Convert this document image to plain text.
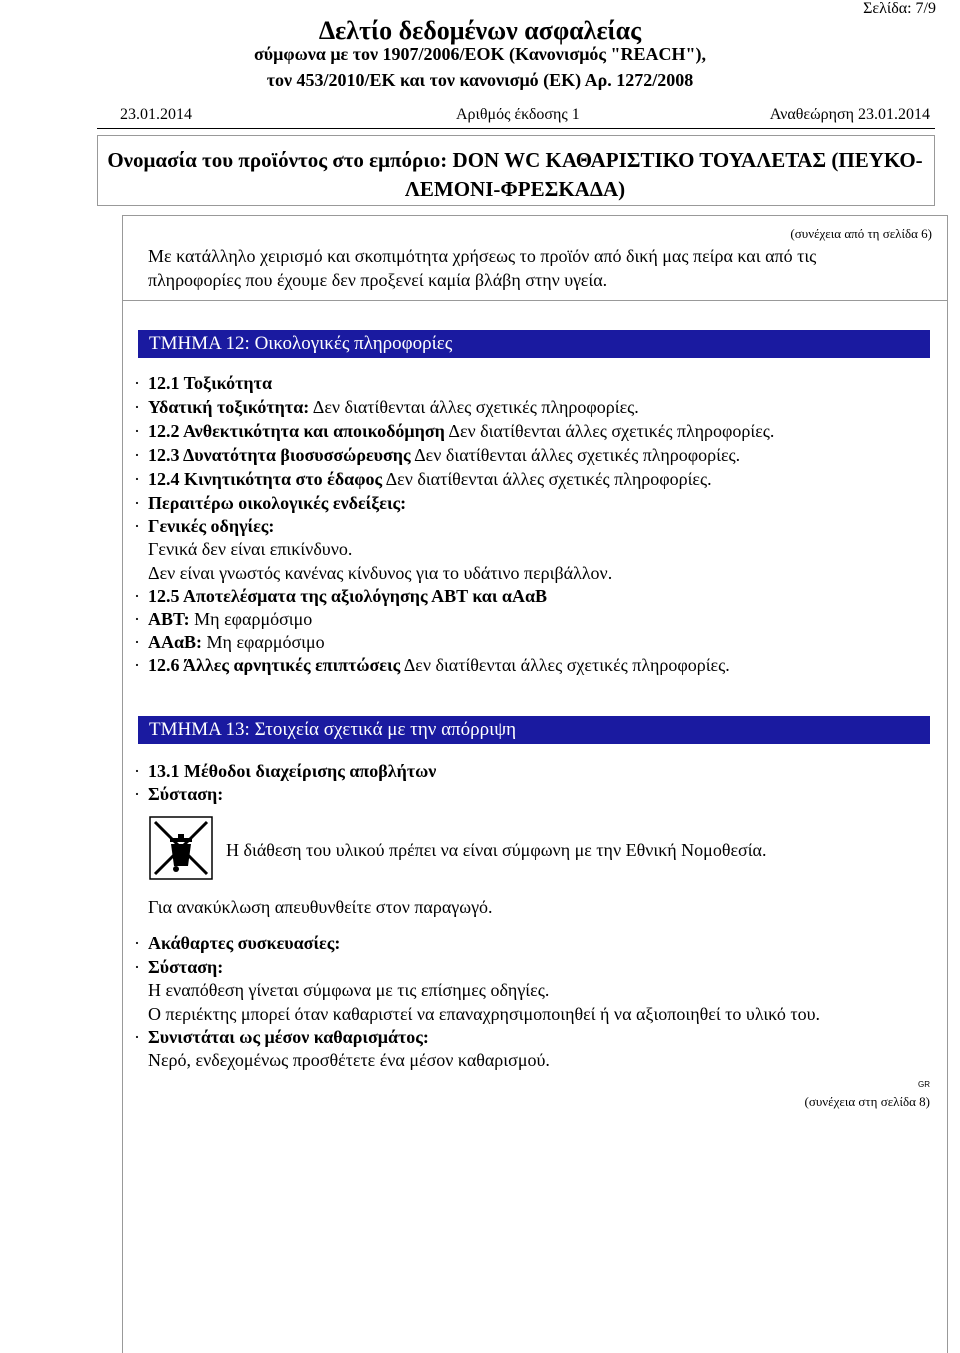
Σελίδα: 7/9
Δελτίο δεδομένων ασφαλείας
σύμφωνα με τον 1907/2006/ΕΟΚ (Κανονισμός "REACH"),
τον 453/2010/ΕΚ και τον κανονισμό (ΕΚ) Αρ. 1272/2008
23.01.2014	Αριθμός έκδοσης 1	Αναθεώρηση 23.01.2014
Ονομασία του προϊόντος στο εμπόριο: DON WC ΚΑΘΑΡΙΣΤΙΚΟ ΤΟΥΑΛΕΤΑΣ (ΠΕΥΚΟ-
ΛΕΜΟΝΙ-ΦΡΕΣΚΑΔΑ)
(συνέχεια από τη σελίδα 6)
Με κατάλληλο χειρισμό και σκοπιμότητα χρήσεως το προϊόν από δική μας πείρα και από τις
πληροφορίες που έχουμε δεν προξενεί καμία βλάβη στην υγεία.
ΤΜΗΜΑ 12: Οικολογικές πληροφορίες
· 12.1 Τοξικότητα
· Υδατική τοξικότητα: Δεν διατίθενται άλλες σχετικές πληροφορίες.
· 12.2 Ανθεκτικότητα και αποικοδόμηση Δεν διατίθενται άλλες σχετικές πληροφορίες.
· 12.3 Δυνατότητα βιοσυσσώρευσης Δεν διατίθενται άλλες σχετικές πληροφορίες.
· 12.4 Κινητικότητα στο έδαφος Δεν διατίθενται άλλες σχετικές πληροφορίες.
· Περαιτέρω οικολογικές ενδείξεις:
· Γενικές οδηγίες:
Γενικά δεν είναι επικίνδυνο.
Δεν είναι γνωστός κανένας κίνδυνος για το υδάτινο περιβάλλον.
· 12.5 Αποτελέσματα της αξιολόγησης ΑΒΤ και αΑαΒ
· ΑΒΤ: Μη εφαρμόσιμο
· ΑΑαΒ: Μη εφαρμόσιμο
· 12.6 Άλλες αρνητικές επιπτώσεις Δεν διατίθενται άλλες σχετικές πληροφορίες.
ΤΜΗΜΑ 13: Στοιχεία σχετικά με την απόρριψη
· 13.1 Μέθοδοι διαχείρισης αποβλήτων
· Σύσταση:
Η διάθεση του υλικού πρέπει να είναι σύμφωνη με την Εθνική Νομοθεσία.
Για ανακύκλωση απευθυνθείτε στον παραγωγό.
· Ακάθαρτες συσκευασίες:
· Σύσταση:
Η εναπόθεση γίνεται σύμφωνα με τις επίσημες οδηγίες.
Ο περιέκτης μπορεί όταν καθαριστεί να επαναχρησιμοποιηθεί ή να αξιοποιηθεί το υλικό του.
· Συνιστάται ως μέσον καθαρισμάτος:
Νερό, ενδεχομένως προσθέτετε ένα μέσον καθαρισμού.
GR
(συνέχεια στη σελίδα 8)
